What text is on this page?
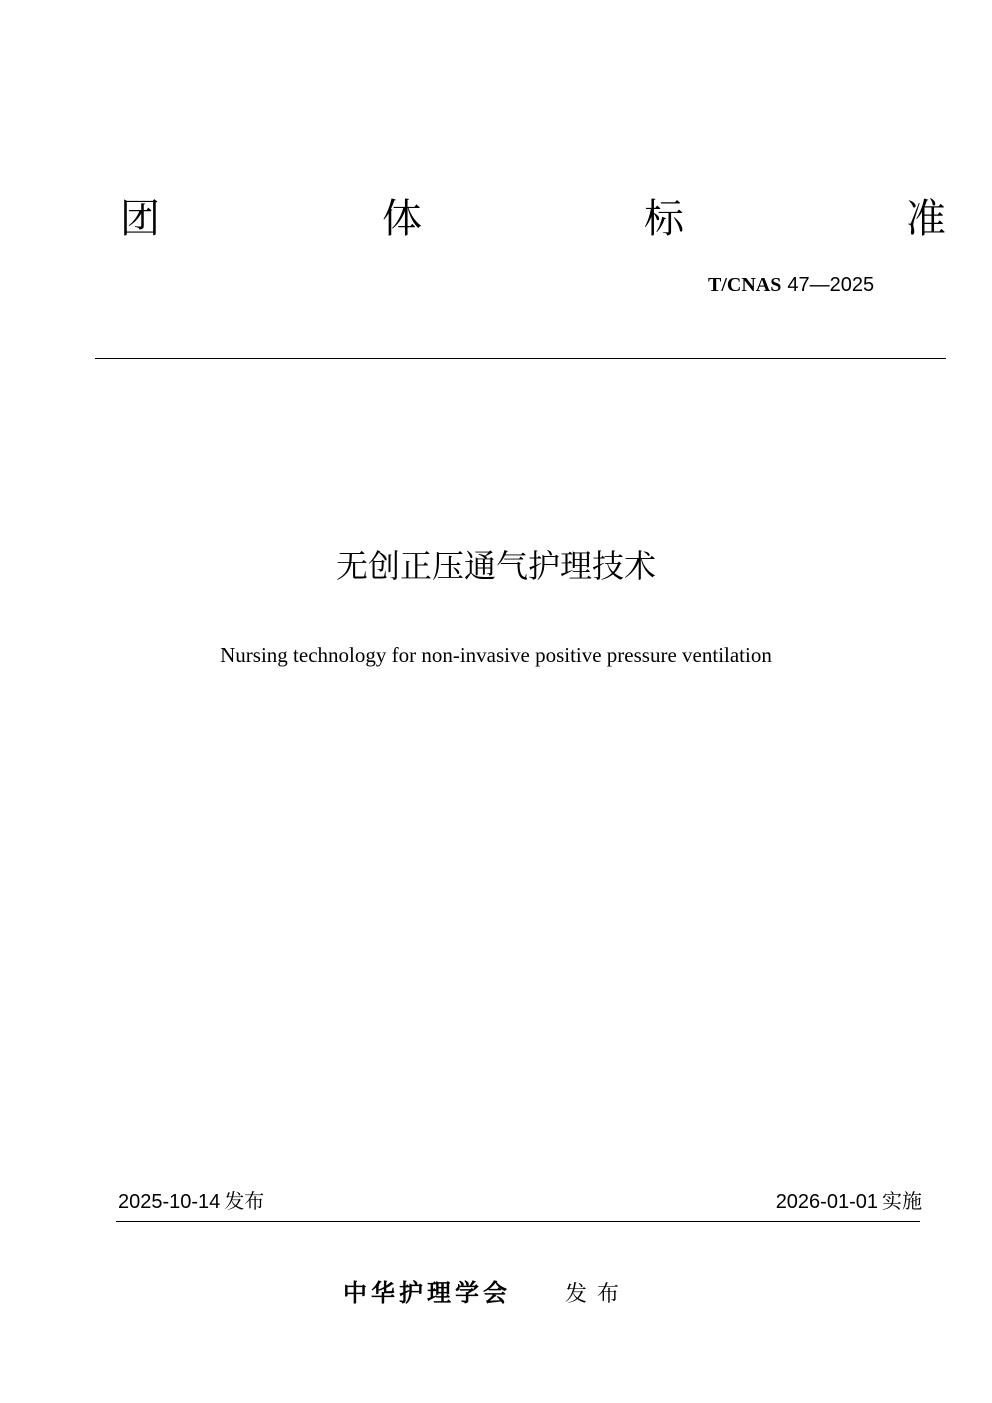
团	体	标	准
T/CNAS 47—2025
无创正压通气护理技术
Nursing technology for non-invasive positive pressure ventilation
2025-10-14 发布	2026-01-01 实施
中华护理学会 发布
